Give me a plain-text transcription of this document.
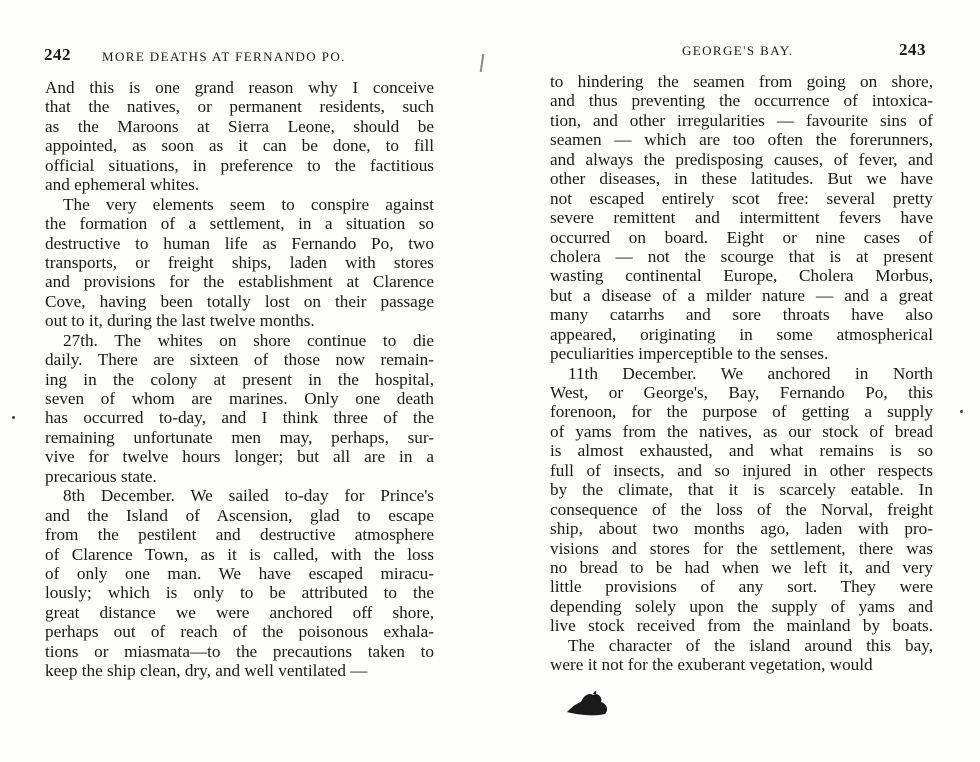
242 MORE DEATHS AT FERNANDO PO.
And this is one grand reason why I conceive
that the natives, or permanent residents, such
as the Maroons at Sierra Leone, should be
appointed, as soon as it can be done, to fill
official situations, in preference to the factitious
and ephemeral whites.
The very elements seem to conspire against
the formation of a settlement, in a situation so
destructive to human life as Fernando Po, two
transports, or freight ships, laden with stores
and provisions for the establishment at Clarence
Cove, having been totally lost on their passage
out to it, during the last twelve months.
27th. The whites on shore continue to die
daily. There are sixteen of those now remain-
ing in the colony at present in the hospital,
seven of whom are marines. Only one death
has occurred to-day, and I think three of the
remaining unfortunate men may, perhaps, sur-
vive for twelve hours longer; but all are in a
precarious state.
8th December. We sailed to-day for Prince's
and the Island of Ascension, glad to escape
from the pestilent and destructive atmosphere
of Clarence Town, as it is called, with the loss
of only one man. We have escaped miracu-
lously; which is only to be attributed to the
great distance we were anchored off shore,
perhaps out of reach of the poisonous exhala-
tions or miasmata—to the precautions taken to
keep the ship clean, dry, and well ventilated —
GEORGE'S BAY.	243
to hindering the seamen from going on shore,
and thus preventing the occurrence of intoxica-
tion, and other irregularities — favourite sins of
seamen — which are too often the forerunners,
and always the predisposing causes, of fever, and
other diseases, in these latitudes. But we have
not escaped entirely scot free: several pretty
severe remittent and intermittent fevers have
occurred on board. Eight or nine cases of
cholera — not the scourge that is at present
wasting continental Europe, Cholera Morbus,
but a disease of a milder nature — and a great
many catarrhs and sore throats have also
appeared, originating in some atmospherical
peculiarities imperceptible to the senses.
11th December. We anchored in North
West, or George's, Bay, Fernando Po, this
forenoon, for the purpose of getting a supply
of yams from the natives, as our stock of bread
is almost exhausted, and what remains is so
full of insects, and so injured in other respects
by the climate, that it is scarcely eatable. In
consequence of the loss of the Norval, freight
ship, about two months ago, laden with pro-
visions and stores for the settlement, there was
no bread to be had when we left it, and very
little provisions of any sort. They were
depending solely upon the supply of yams and
live stock received from the mainland by boats.
The character of the island around this bay,
were it not for the exuberant vegetation, would
